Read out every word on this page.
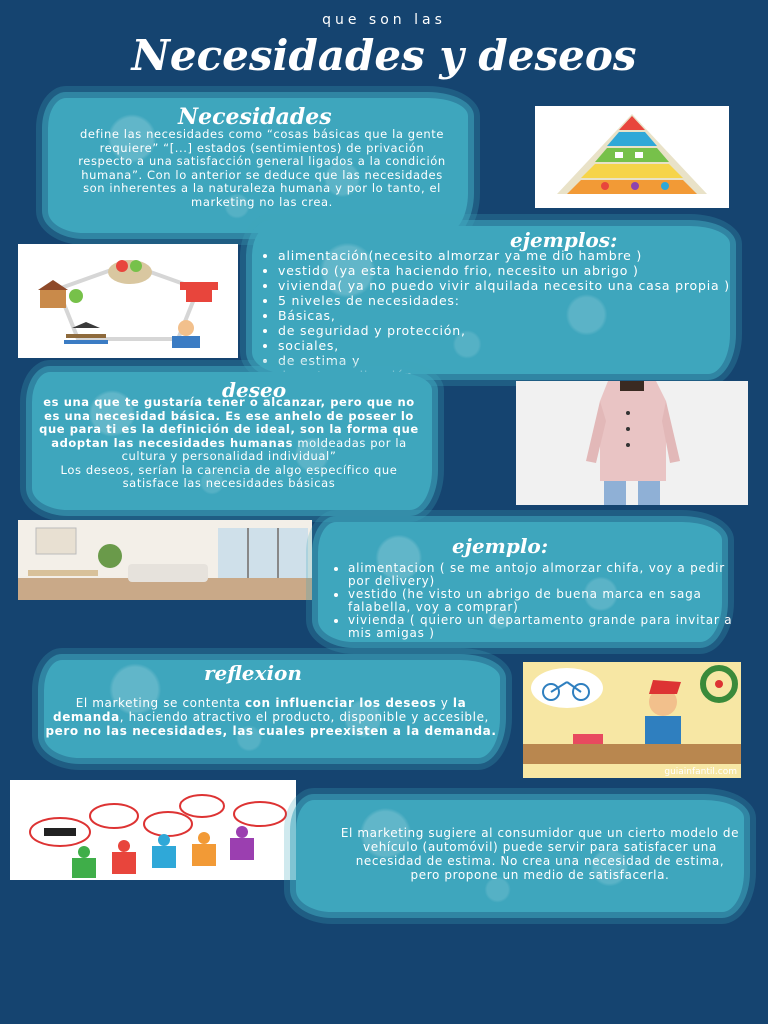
que son las
Necesidades y deseos
Necesidades
define las necesidades como “cosas básicas que la gente requiere” “[...] estados (sentimientos) de privación respecto a una satisfacción general ligados a la condición humana”. Con lo anterior se deduce que las necesidades son inherentes a la naturaleza humana y por lo tanto, el marketing no las crea.
ejemplos:
• alimentación(necesito almorzar ya me dio hambre )
• vestido (ya esta haciendo frio, necesito un abrigo )
• vivienda( ya no puedo vivir alquilada necesito una casa propia )
• 5 niveles de necesidades:
• Básicas,
• de seguridad y protección,
• sociales,
• de estima y
•
deseo
es una que te gustaría tener o alcanzar, pero que no es una necesidad básica. Es ese anhelo de poseer lo que para ti es la definición de ideal, son la forma que adoptan las necesidades humanas moldeadas por la cultura y personalidad individual”
Los deseos, serían la carencia de algo específico que satisface las necesidades básicas
ejemplo:
• alimentacion ( se me antojo almorzar chifa, voy a pedir por delivery)
• vestido (he visto un abrigo de buena marca en saga falabella, voy a comprar)
• vivienda ( quiero un departamento grande para invitar a mis amigas )
reflexion
El marketing se contenta con influenciar los deseos y la demanda, haciendo atractivo el producto, disponible y accesible, pero no las necesidades, las cuales preexisten a la demanda.
guiainfantil.com
El marketing sugiere al consumidor que un cierto modelo de vehículo (automóvil) puede servir para satisfacer una necesidad de estima. No crea una necesidad de estima, pero propone un medio de satisfacerla.
